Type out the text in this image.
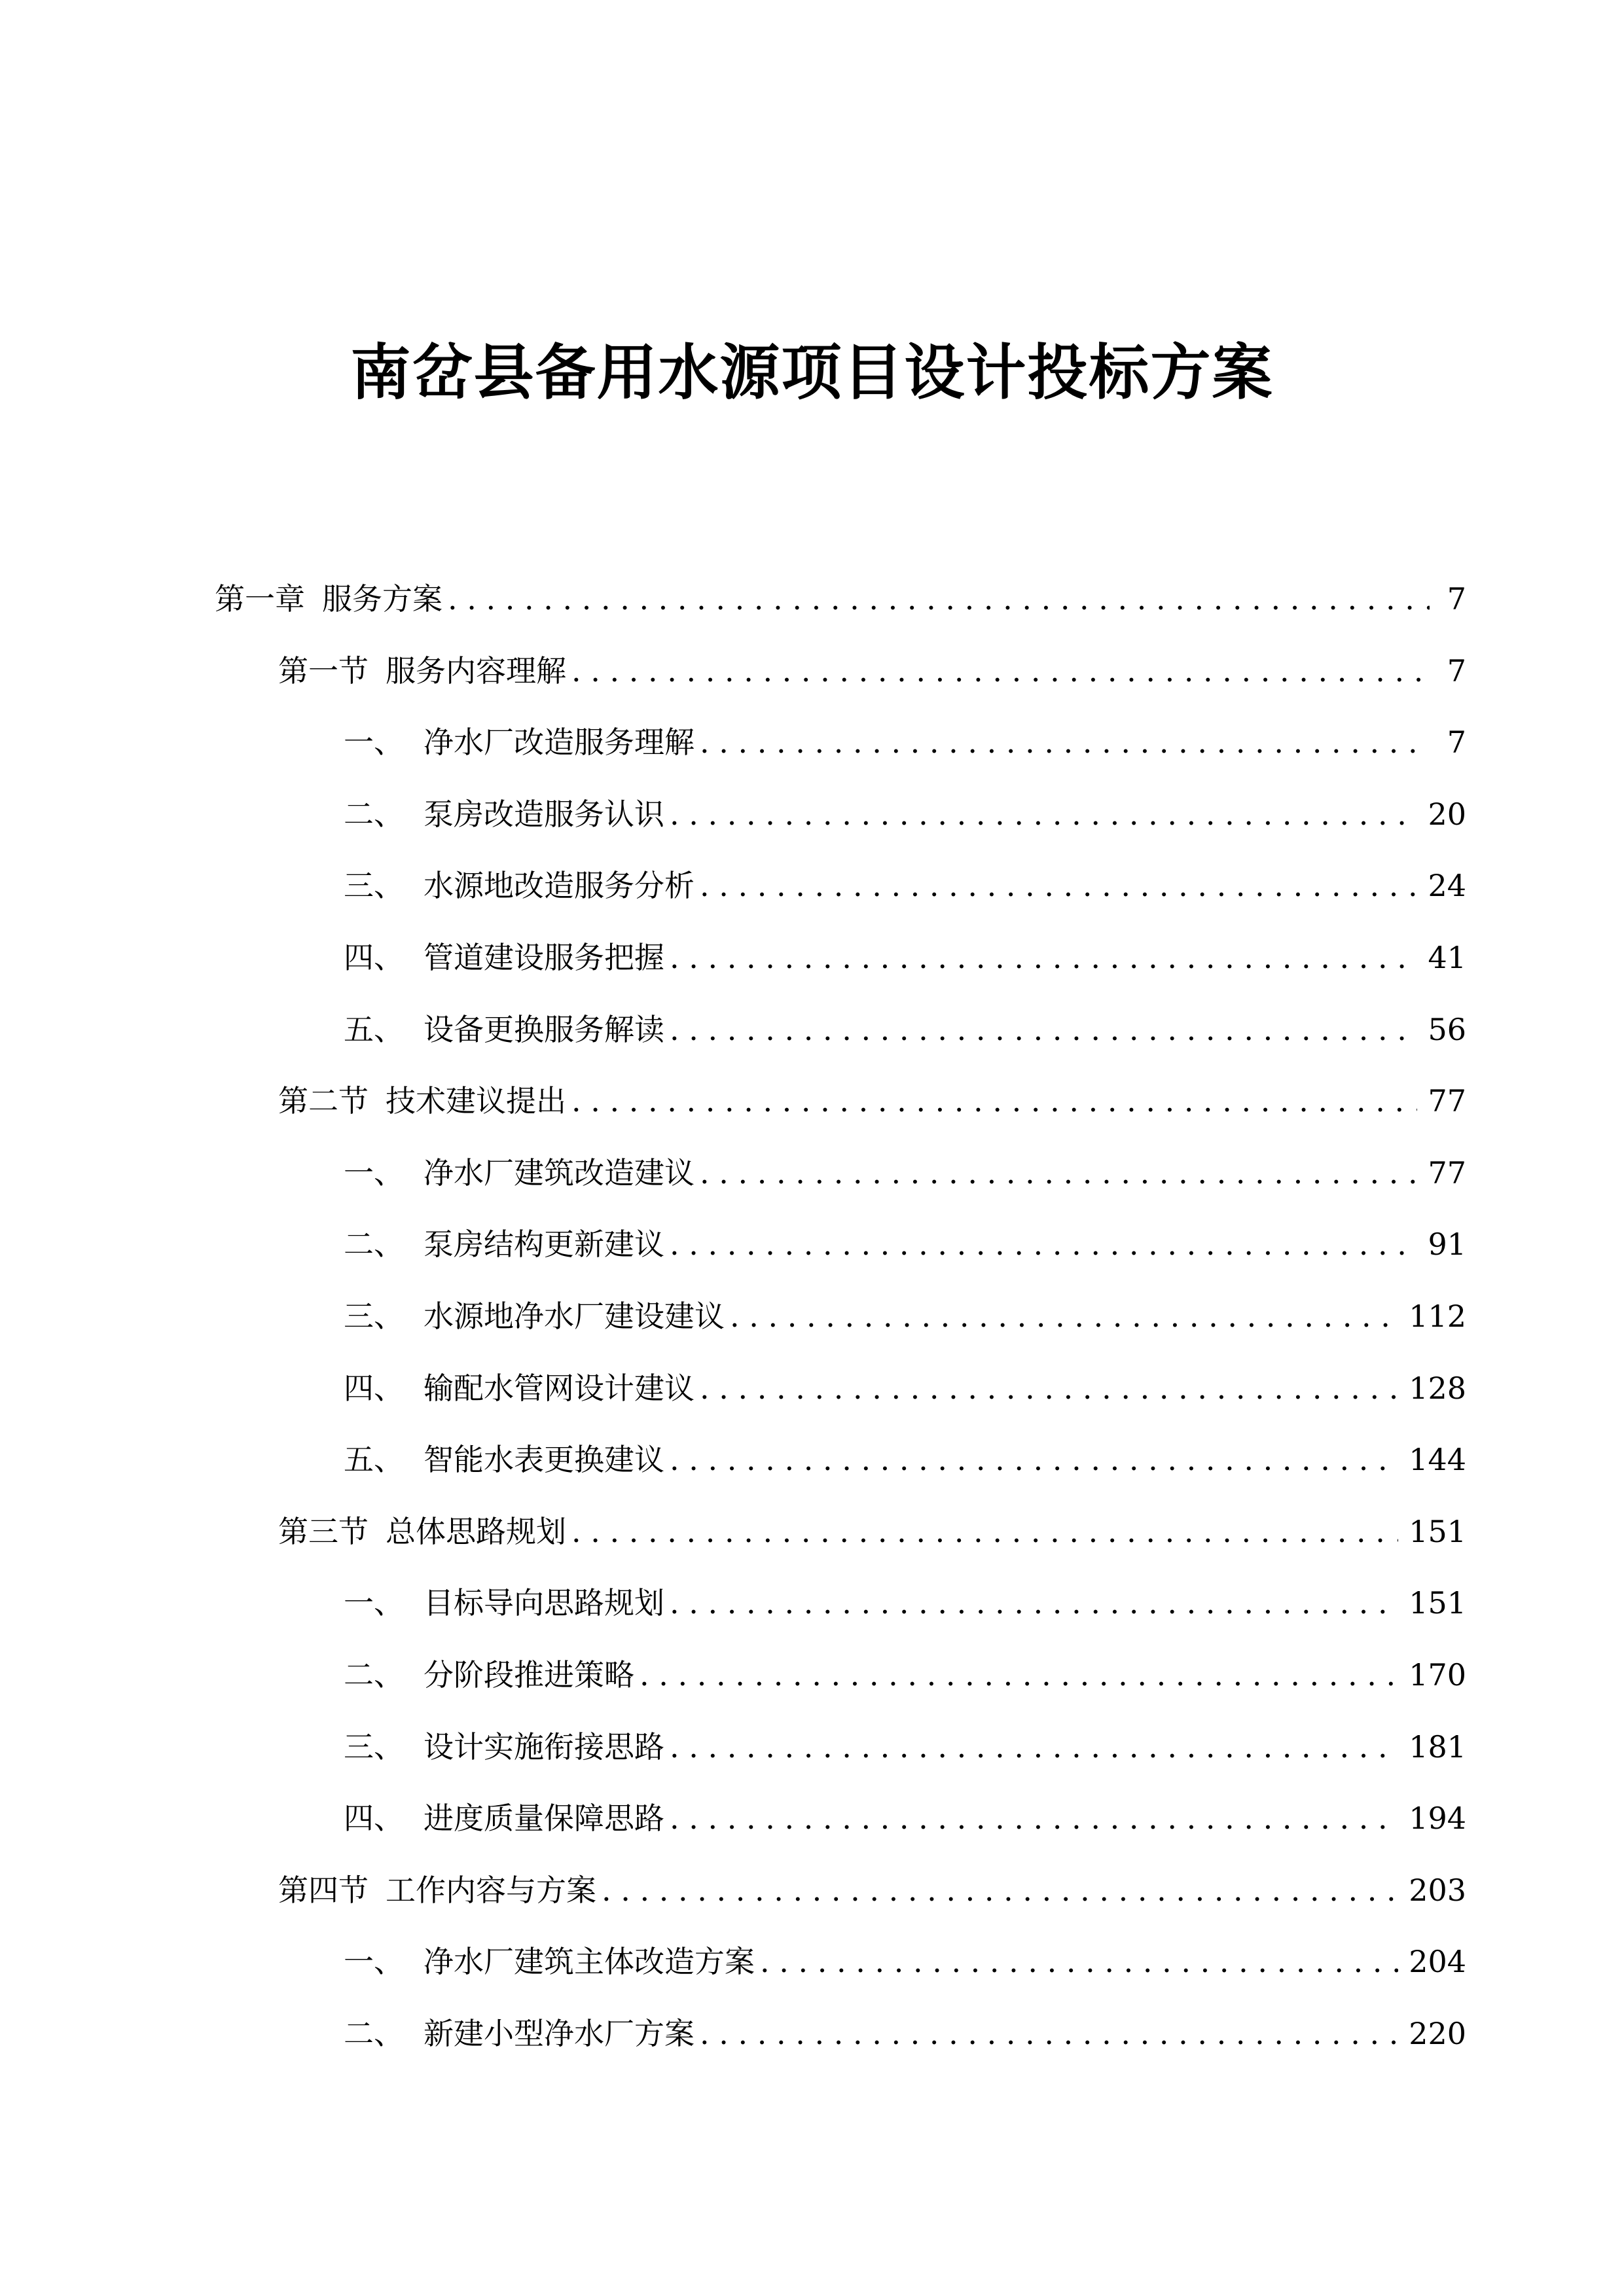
南岔县备用水源项目设计投标方案
第一章 服务方案 . . .	7
第一节 服务内容理解 . . .	7
一、 净水厂改造服务理解 . . .	7
二、 泵房改造服务认识 . . .	20
三、 水源地改造服务分析 . . .	24
四、 管道建设服务把握 . . .	41
五、 设备更换服务解读 . . .	56
第二节 技术建议提出 . . .	77
一、 净水厂建筑改造建议 . . .	77
二、 泵房结构更新建议 . . .	91
三、 水源地净水厂建设建议 . . .	112
四、 输配水管网设计建议 . . .	128
五、 智能水表更换建议 . . .	144
第三节 总体思路规划 . . .	151
一、 目标导向思路规划 . . .	151
二、 分阶段推进策略 . . .	170
三、 设计实施衔接思路 . . .	181
四、 进度质量保障思路 . . .	194
第四节 工作内容与方案 . . .	203
一、 净水厂建筑主体改造方案 . . .	204
二、 新建小型净水厂方案 . . .	220
